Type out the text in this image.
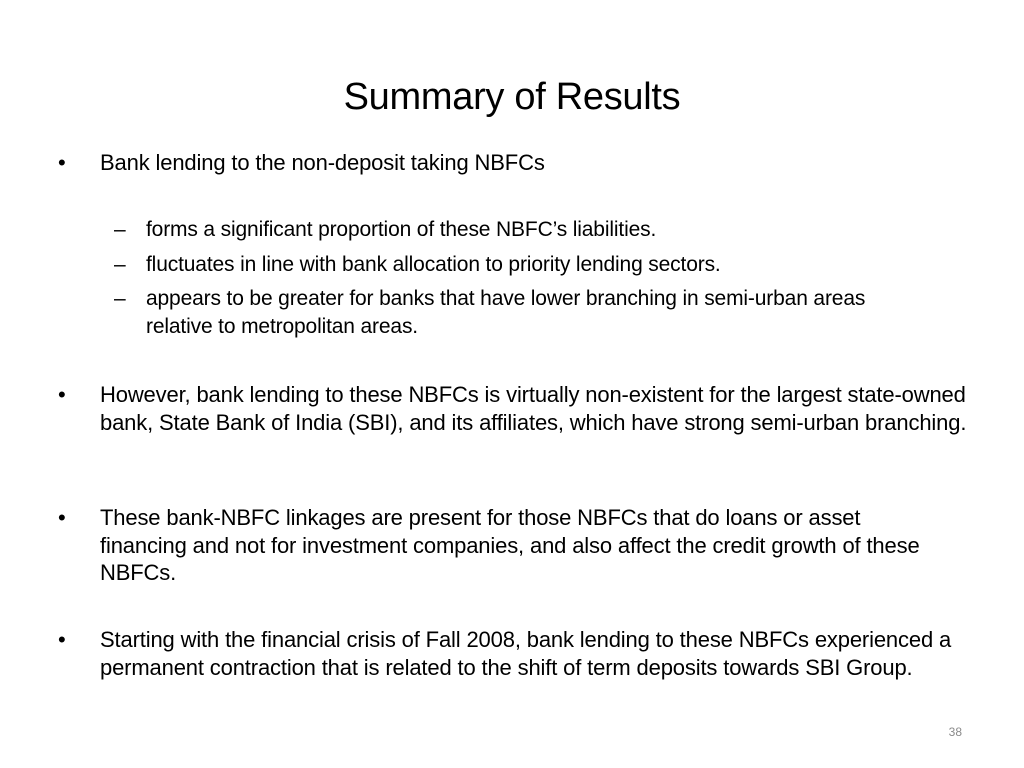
Summary of Results
• Bank lending to the non-deposit taking NBFCs
– forms a significant proportion of these NBFC’s liabilities.
– fluctuates in line with bank allocation to priority lending sectors.
– appears to be greater for banks that have lower branching in semi-urban areas relative to metropolitan areas.
• However, bank lending to these NBFCs is virtually non-existent for the largest state-owned bank, State Bank of India (SBI), and its affiliates, which have strong semi-urban branching.
• These bank-NBFC linkages are present for those NBFCs that do loans or asset financing and not for investment companies, and also affect the credit growth of these NBFCs.
• Starting with the financial crisis of Fall 2008, bank lending to these NBFCs experienced a permanent contraction that is related to the shift of term deposits towards SBI Group.
38
